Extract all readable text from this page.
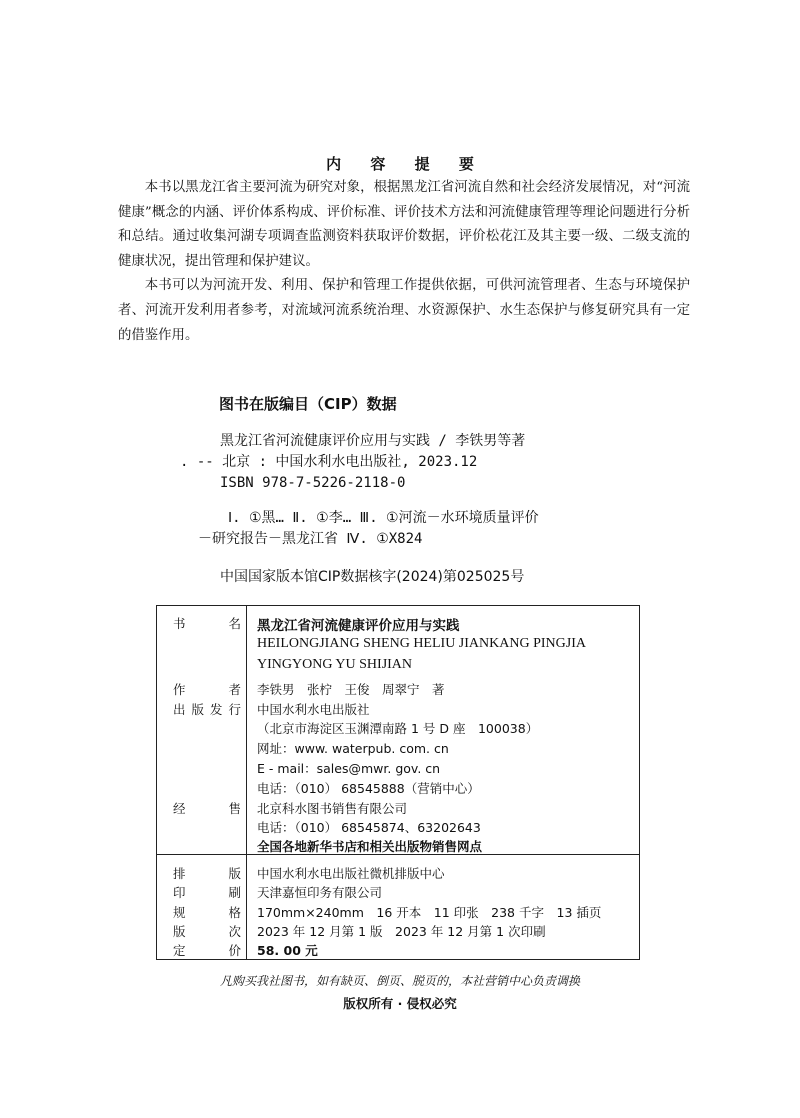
内 容 提 要

本书以黑龙江省主要河流为研究对象，根据黑龙江省河流自然和社会经济发展情况，对“河流健康”概念的内涵、评价体系构成、评价标准、评价技术方法和河流健康管理等理论问题进行分析和总结。通过收集河湖专项调查监测资料获取评价数据，评价松花江及其主要一级、二级支流的健康状况，提出管理和保护建议。

本书可以为河流开发、利用、保护和管理工作提供依据，可供河流管理者、生态与环境保护者、河流开发利用者参考，对流域河流系统治理、水资源保护、水生态保护与修复研究具有一定的借鉴作用。

图书在版编目（CIP）数据
黑龙江省河流健康评价应用与实践 / 李铁男等著
. -- 北京 : 中国水利水电出版社, 2023.12
ISBN 978-7-5226-2118-0
Ⅰ. ①黑… Ⅱ. ①李… Ⅲ. ①河流－水环境质量评价
－研究报告－黑龙江省 Ⅳ. ①X824
中国国家版本馆CIP数据核字(2024)第025025号
书	名 黑龙江省河流健康评价应用与实践
HEILONGJIANG SHENG HELIU JIANKANG PINGJIA
YINGYONG YU SHIJIAN
作	者 李铁男　张柠　王俊　周翠宁　著
出 版 发 行 中国水利水电出版社
（北京市海淀区玉渊潭南路 1 号 D 座　100038）
网址：www. waterpub. com. cn
E - mail：sales@mwr. gov. cn
电话：（010） 68545888（营销中心）
经	售 北京科水图书销售有限公司
电话：（010） 68545874、63202643
全国各地新华书店和相关出版物销售网点
排	版 中国水利水电出版社微机排版中心
印	刷 天津嘉恒印务有限公司
规	格 170mm×240mm　16 开本　11 印张　238 千字　13 插页
版	次 2023 年 12 月第 1 版　2023 年 12 月第 1 次印刷
定	价 58. 00 元
凡购买我社图书，如有缺页、倒页、脱页的，本社营销中心负责调换
版权所有 · 侵权必究
